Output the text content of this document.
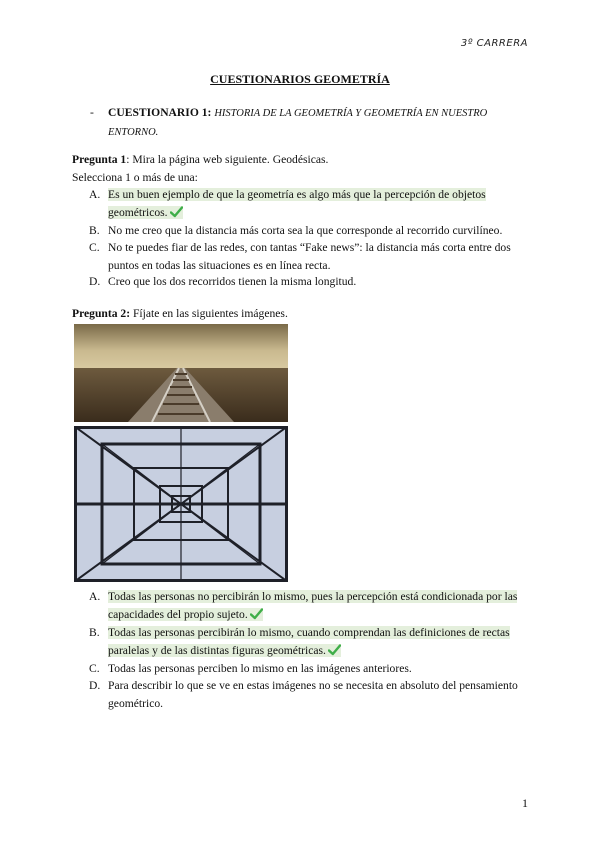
3º CARRERA
CUESTIONARIOS GEOMETRÍA
- CUESTIONARIO 1: HISTORIA DE LA GEOMETRÍA Y GEOMETRÍA EN NUESTRO ENTORNO.
Pregunta 1: Mira la página web siguiente. Geodésicas.
Selecciona 1 o más de una:
A. Es un buen ejemplo de que la geometría es algo más que la percepción de objetos geométricos.
B. No me creo que la distancia más corta sea la que corresponde al recorrido curvilíneo.
C. No te puedes fiar de las redes, con tantas “Fake news”: la distancia más corta entre dos puntos en todas las situaciones es en línea recta.
D. Creo que los dos recorridos tienen la misma longitud.
Pregunta 2: Fíjate en las siguientes imágenes.
A. Todas las personas no percibirán lo mismo, pues la percepción está condicionada por las capacidades del propio sujeto.
B. Todas las personas percibirán lo mismo, cuando comprendan las definiciones de rectas paralelas y de las distintas figuras geométricas.
C. Todas las personas perciben lo mismo en las imágenes anteriores.
D. Para describir lo que se ve en estas imágenes no se necesita en absoluto del pensamiento geométrico.
1
